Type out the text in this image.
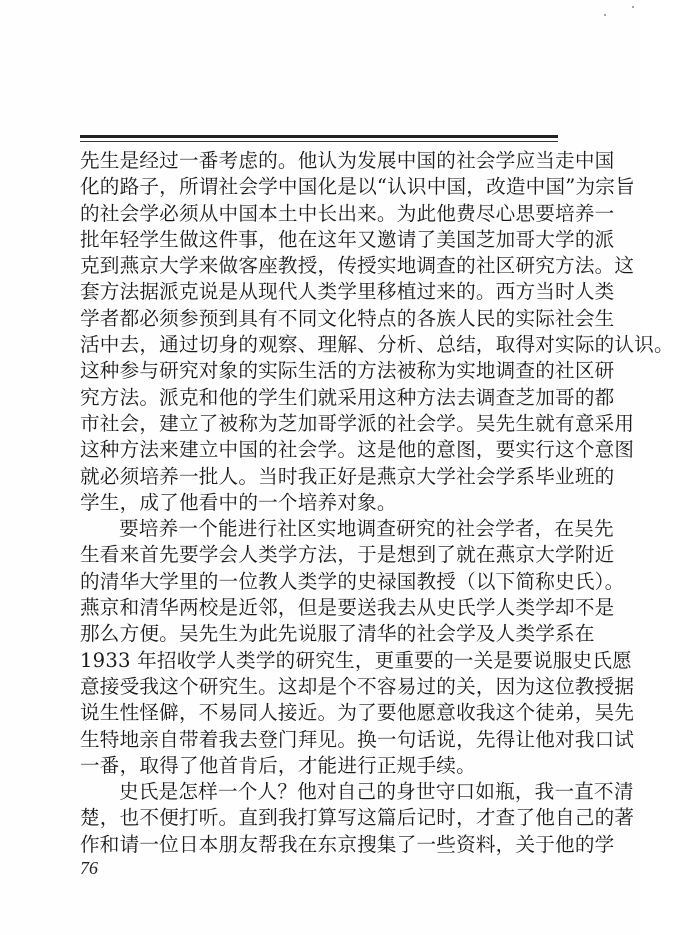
先生是经过一番考虑的。他认为发展中国的社会学应当走中国
化的路子，所谓社会学中国化是以“认识中国，改造中国”为宗旨
的社会学必须从中国本土中长出来。为此他费尽心思要培养一
批年轻学生做这件事，他在这年又邀请了美国芝加哥大学的派
克到燕京大学来做客座教授，传授实地调查的社区研究方法。这
套方法据派克说是从现代人类学里移植过来的。西方当时人类
学者都必须参预到具有不同文化特点的各族人民的实际社会生
活中去，通过切身的观察、理解、分析、总结，取得对实际的认识。
这种参与研究对象的实际生活的方法被称为实地调查的社区研
究方法。派克和他的学生们就采用这种方法去调查芝加哥的都
市社会，建立了被称为芝加哥学派的社会学。吴先生就有意采用
这种方法来建立中国的社会学。这是他的意图，要实行这个意图
就必须培养一批人。当时我正好是燕京大学社会学系毕业班的
学生，成了他看中的一个培养对象。
要培养一个能进行社区实地调查研究的社会学者，在吴先
生看来首先要学会人类学方法，于是想到了就在燕京大学附近
的清华大学里的一位教人类学的史禄国教授（以下简称史氏）。
燕京和清华两校是近邻，但是要送我去从史氏学人类学却不是
那么方便。吴先生为此先说服了清华的社会学及人类学系在
1933 年招收学人类学的研究生，更重要的一关是要说服史氏愿
意接受我这个研究生。这却是个不容易过的关，因为这位教授据
说生性怪僻，不易同人接近。为了要他愿意收我这个徒弟，吴先
生特地亲自带着我去登门拜见。换一句话说，先得让他对我口试
一番，取得了他首肯后，才能进行正规手续。
史氏是怎样一个人？他对自己的身世守口如瓶，我一直不清
楚，也不便打听。直到我打算写这篇后记时，才查了他自己的著
作和请一位日本朋友帮我在东京搜集了一些资料，关于他的学
76
